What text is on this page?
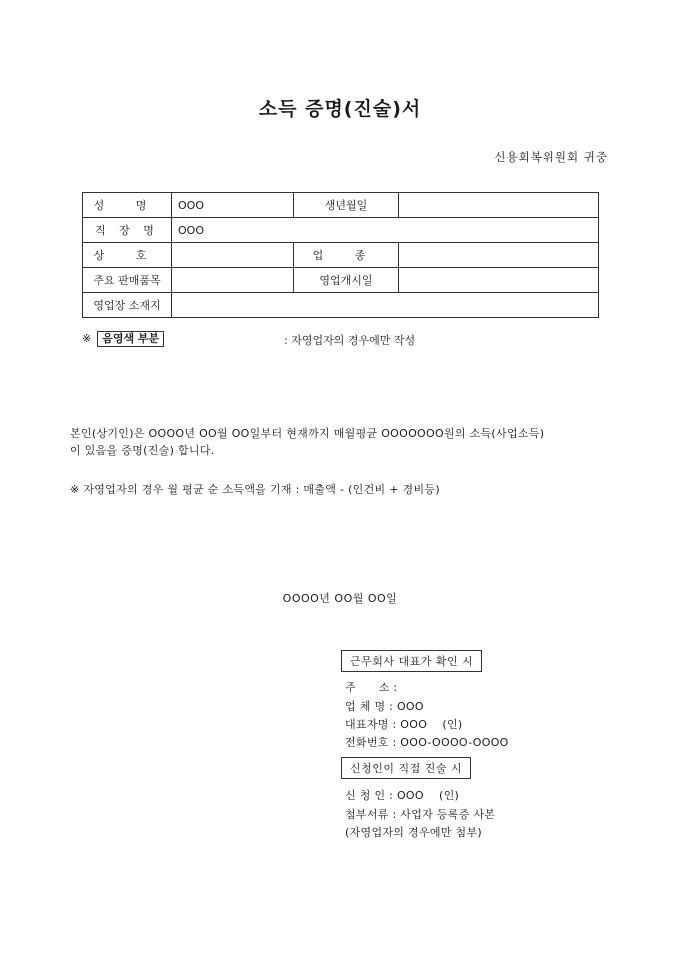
소득 증명(진술)서
신용회복위원회 귀중
성 명	OOO	생년월일	
직 장 명	OOO		
상 호		업 종	
주요 판매품목		영업개시일	
영업장 소재지			
※ 음영색 부분	: 자영업자의 경우에만 작성
본인(상기인)은 OOOO년 OO월 OO일부터 현재까지 매월평균 OOOOOOO원의 소득(사업소득)
이 있음을 증명(진술) 합니다.
※ 자영업자의 경우 월 평균 순 소득액을 기재 : 매출액 - (인건비 + 경비등)
OOOO년 OO월 OO일
근무회사 대표가 확인 시
주      소 :
업 체 명 : OOO
대표자명 : OOO    (인)
전화번호 : OOO-OOOO-OOOO
신청인이 직접 진술 시
신 청 인 : OOO    (인)
첨부서류 : 사업자 등록증 사본
(자영업자의 경우에만 첨부)
